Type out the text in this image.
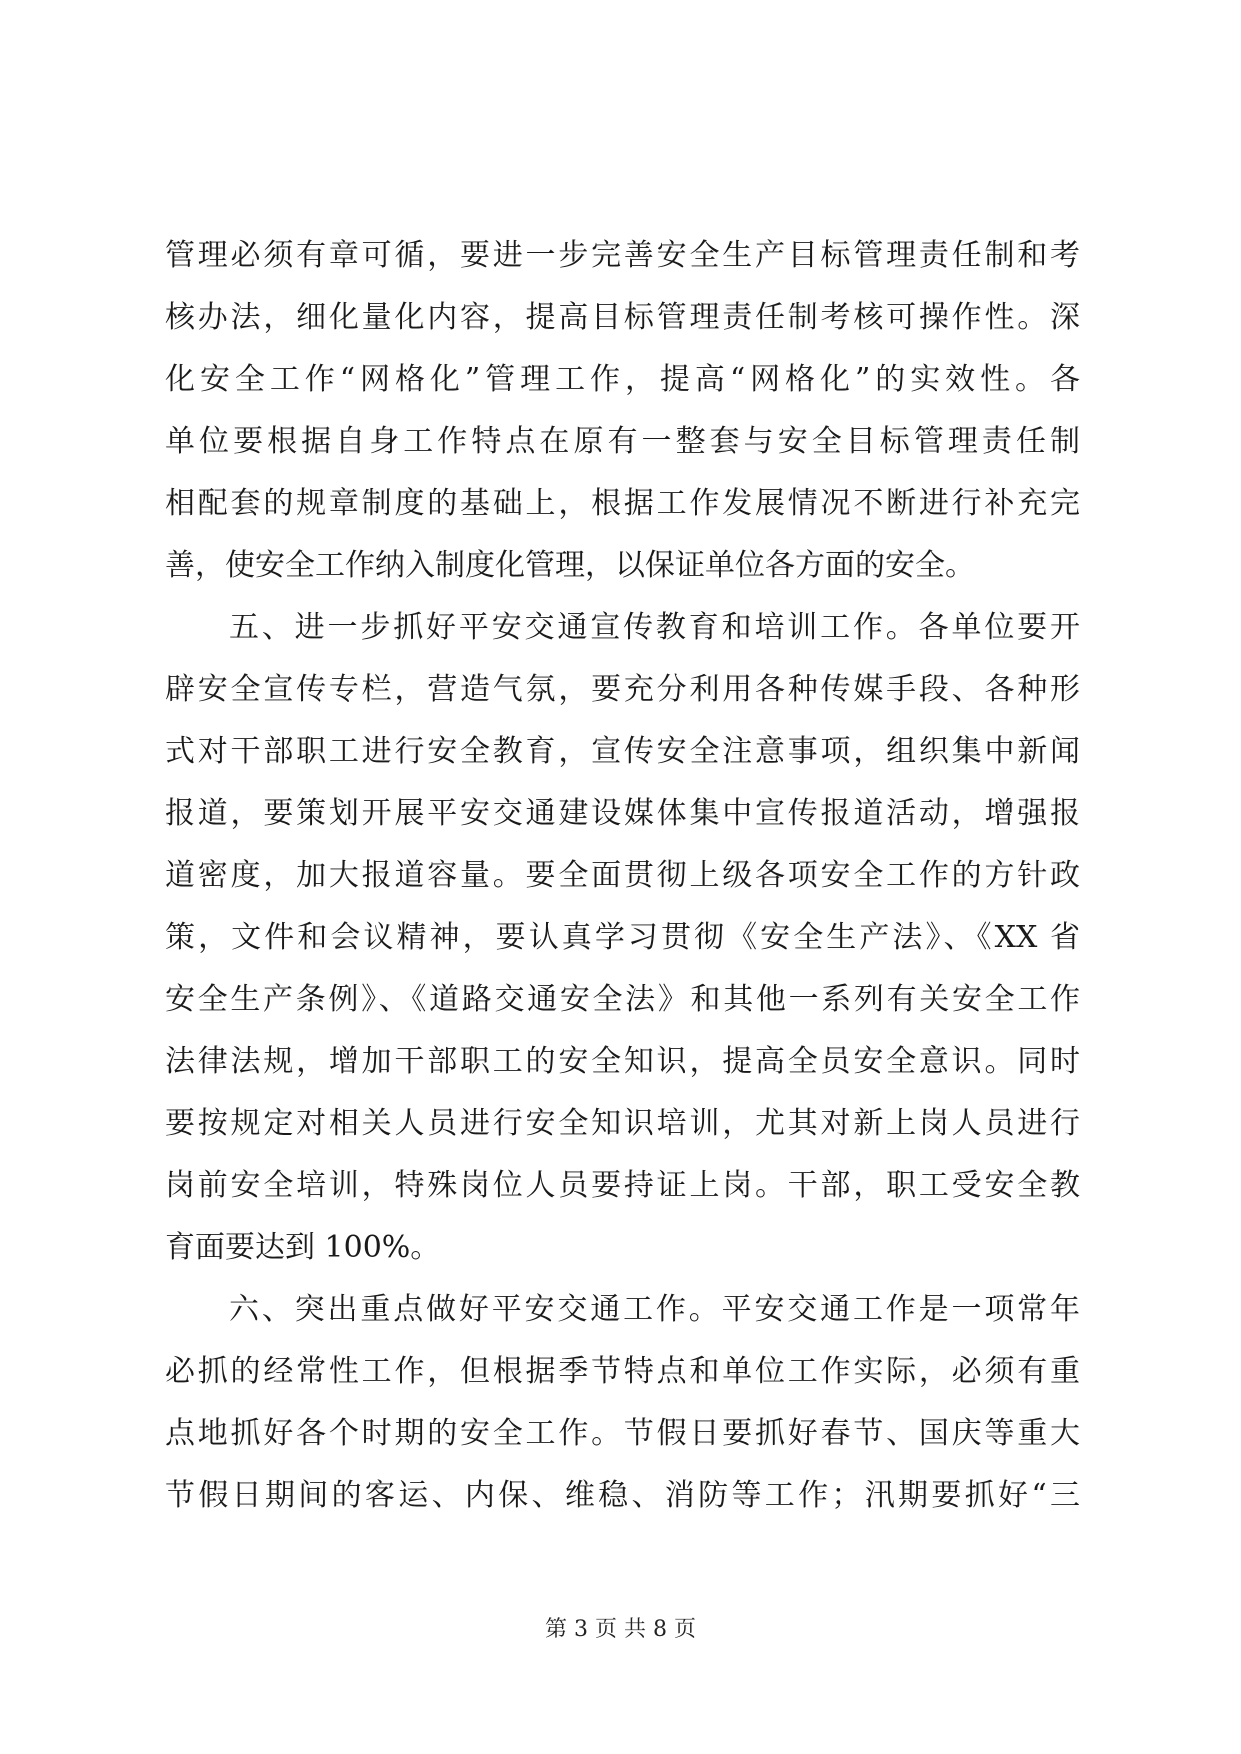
管理必须有章可循，要进一步完善安全生产目标管理责任制和考
核办法，细化量化内容，提高目标管理责任制考核可操作性。深
化安全工作“网格化”管理工作，提高“网格化”的实效性。各
单位要根据自身工作特点在原有一整套与安全目标管理责任制
相配套的规章制度的基础上，根据工作发展情况不断进行补充完
善，使安全工作纳入制度化管理，以保证单位各方面的安全。
五、进一步抓好平安交通宣传教育和培训工作。各单位要开
辟安全宣传专栏，营造气氛，要充分利用各种传媒手段、各种形
式对干部职工进行安全教育，宣传安全注意事项，组织集中新闻
报道，要策划开展平安交通建设媒体集中宣传报道活动，增强报
道密度，加大报道容量。要全面贯彻上级各项安全工作的方针政
策，文件和会议精神，要认真学习贯彻《安全生产法》、《XX 省
安全生产条例》、《道路交通安全法》和其他一系列有关安全工作
法律法规，增加干部职工的安全知识，提高全员安全意识。同时
要按规定对相关人员进行安全知识培训，尤其对新上岗人员进行
岗前安全培训，特殊岗位人员要持证上岗。干部，职工受安全教
育面要达到 100%。
六、突出重点做好平安交通工作。平安交通工作是一项常年
必抓的经常性工作，但根据季节特点和单位工作实际，必须有重
点地抓好各个时期的安全工作。节假日要抓好春节、国庆等重大
节假日期间的客运、内保、维稳、消防等工作；汛期要抓好“三
第 3 页 共 8 页
